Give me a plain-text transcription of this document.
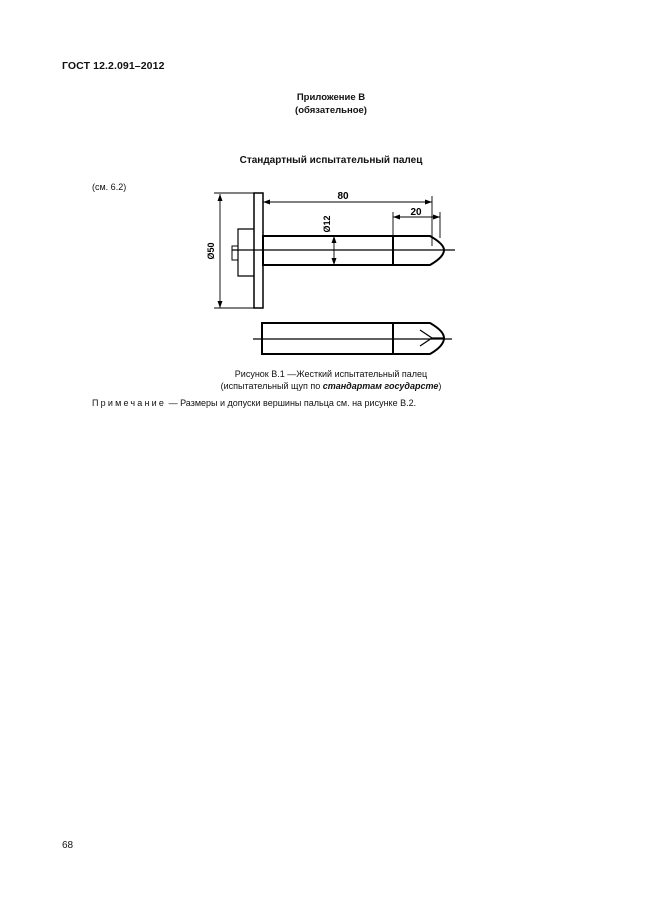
ГОСТ 12.2.091–2012
Приложение В
(обязательное)
Стандартный испытательный палец
(см. 6.2)
80
20
Ø12
Ø50
Рисунок В.1 —Жесткий испытательный палец
(испытательный щуп по стандартам государсте)
Примечание — Размеры и допуски вершины пальца см. на рисунке В.2.
68
